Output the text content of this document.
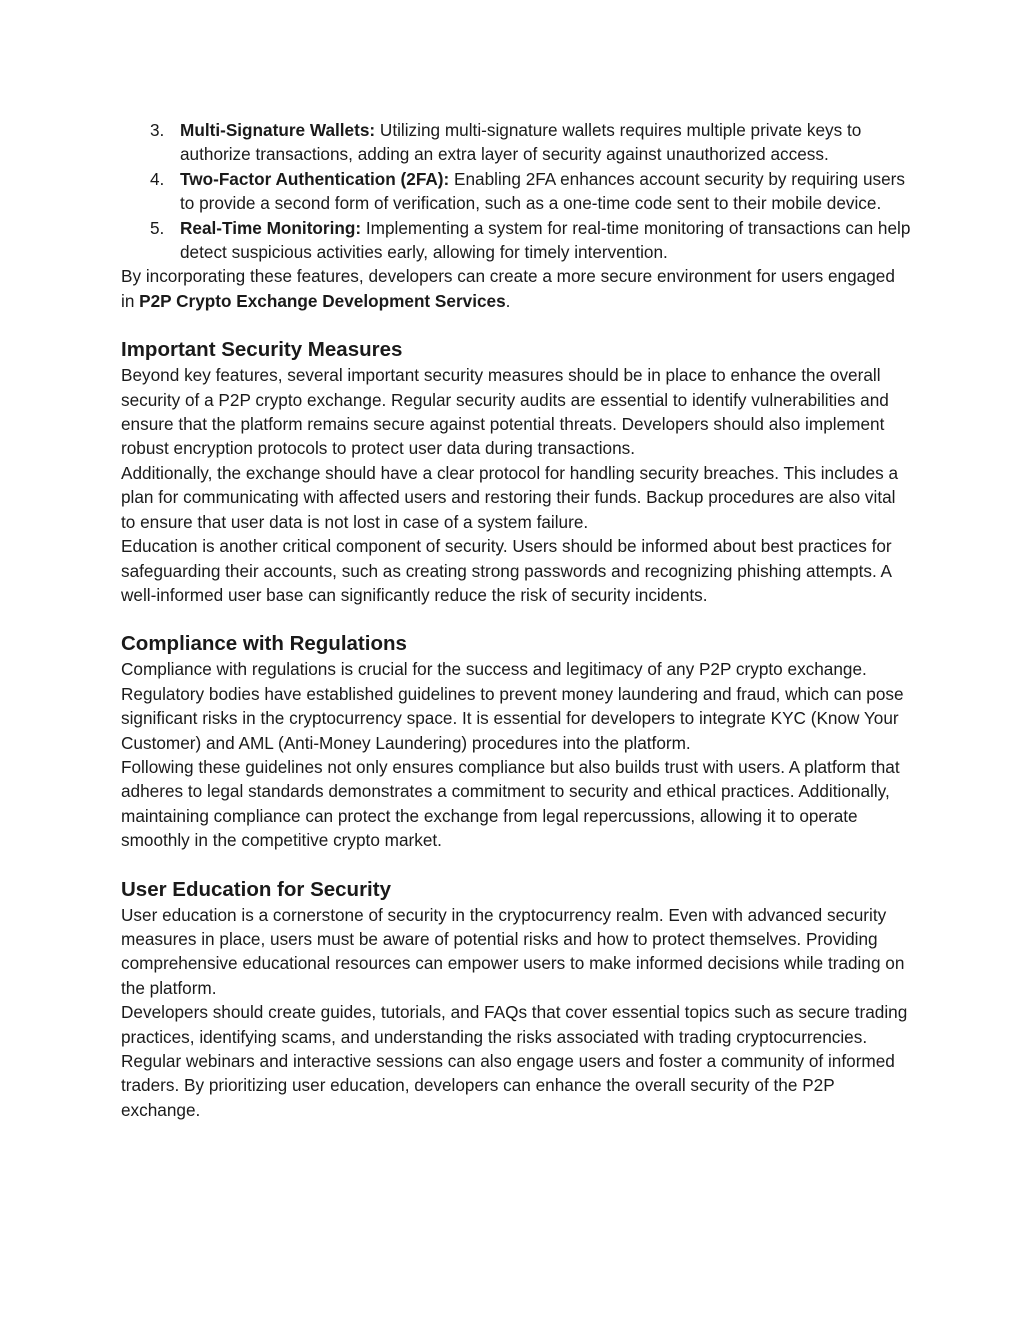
3. Multi-Signature Wallets: Utilizing multi-signature wallets requires multiple private keys to authorize transactions, adding an extra layer of security against unauthorized access.
4. Two-Factor Authentication (2FA): Enabling 2FA enhances account security by requiring users to provide a second form of verification, such as a one-time code sent to their mobile device.
5. Real-Time Monitoring: Implementing a system for real-time monitoring of transactions can help detect suspicious activities early, allowing for timely intervention.

By incorporating these features, developers can create a more secure environment for users engaged in P2P Crypto Exchange Development Services.

Important Security Measures

Beyond key features, several important security measures should be in place to enhance the overall security of a P2P crypto exchange. Regular security audits are essential to identify vulnerabilities and ensure that the platform remains secure against potential threats. Developers should also implement robust encryption protocols to protect user data during transactions.

Additionally, the exchange should have a clear protocol for handling security breaches. This includes a plan for communicating with affected users and restoring their funds. Backup procedures are also vital to ensure that user data is not lost in case of a system failure.

Education is another critical component of security. Users should be informed about best practices for safeguarding their accounts, such as creating strong passwords and recognizing phishing attempts. A well-informed user base can significantly reduce the risk of security incidents.

Compliance with Regulations

Compliance with regulations is crucial for the success and legitimacy of any P2P crypto exchange. Regulatory bodies have established guidelines to prevent money laundering and fraud, which can pose significant risks in the cryptocurrency space. It is essential for developers to integrate KYC (Know Your Customer) and AML (Anti-Money Laundering) procedures into the platform.

Following these guidelines not only ensures compliance but also builds trust with users. A platform that adheres to legal standards demonstrates a commitment to security and ethical practices. Additionally, maintaining compliance can protect the exchange from legal repercussions, allowing it to operate smoothly in the competitive crypto market.

User Education for Security

User education is a cornerstone of security in the cryptocurrency realm. Even with advanced security measures in place, users must be aware of potential risks and how to protect themselves. Providing comprehensive educational resources can empower users to make informed decisions while trading on the platform.

Developers should create guides, tutorials, and FAQs that cover essential topics such as secure trading practices, identifying scams, and understanding the risks associated with trading cryptocurrencies. Regular webinars and interactive sessions can also engage users and foster a community of informed traders. By prioritizing user education, developers can enhance the overall security of the P2P exchange.
